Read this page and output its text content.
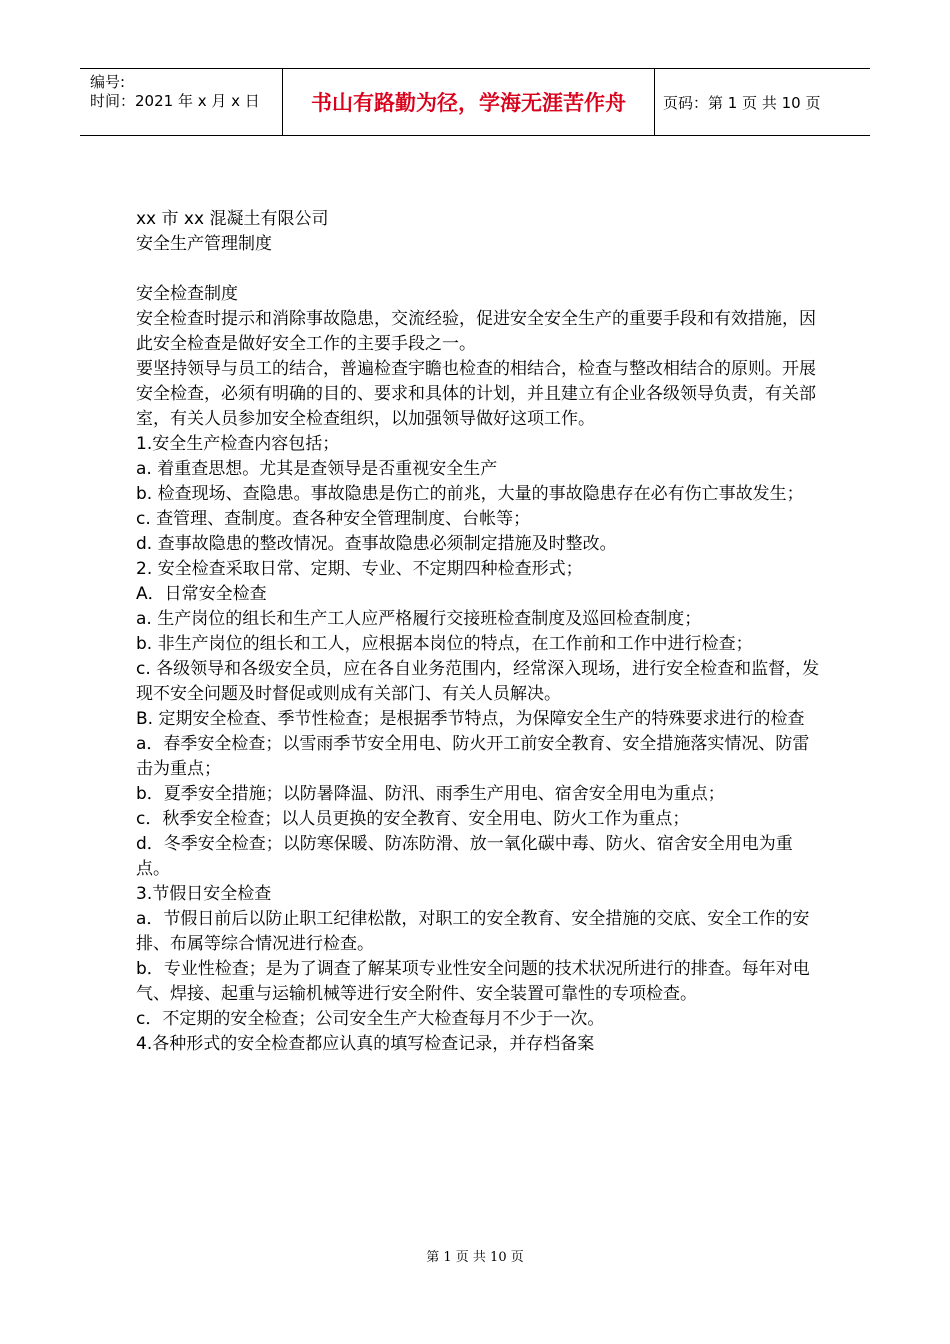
编号:
时间：2021 年 x 月 x 日	书山有路勤为径，学海无涯苦作舟	页码：第 1 页 共 10 页

xx 市 xx 混凝土有限公司

安全生产管理制度

安全检查制度

安全检查时提示和消除事故隐患，交流经验，促进安全安全生产的重要手段和有效措施，因此安全检查是做好安全工作的主要手段之一。

要坚持领导与员工的结合，普遍检查宇瞻也检查的相结合，检查与整改相结合的原则。开展安全检查，必须有明确的目的、要求和具体的计划，并且建立有企业各级领导负责，有关部室，有关人员参加安全检查组织，以加强领导做好这项工作。

1.安全生产检查内容包括；

a. 着重查思想。尤其是查领导是否重视安全生产

b. 检查现场、查隐患。事故隐患是伤亡的前兆，大量的事故隐患存在必有伤亡事故发生；

c. 查管理、查制度。查各种安全管理制度、台帐等；

d. 查事故隐患的整改情况。查事故隐患必须制定措施及时整改。

2. 安全检查采取日常、定期、专业、不定期四种检查形式；

A．日常安全检查

a. 生产岗位的组长和生产工人应严格履行交接班检查制度及巡回检查制度；

b. 非生产岗位的组长和工人，应根据本岗位的特点，在工作前和工作中进行检查；

c. 各级领导和各级安全员，应在各自业务范围内，经常深入现场，进行安全检查和监督，发现不安全问题及时督促或则成有关部门、有关人员解决。

B. 定期安全检查、季节性检查；是根据季节特点，为保障安全生产的特殊要求进行的检查

a．春季安全检查；以雪雨季节安全用电、防火开工前安全教育、安全措施落实情况、防雷击为重点；

b．夏季安全措施；以防暑降温、防汛、雨季生产用电、宿舍安全用电为重点；

c．秋季安全检查；以人员更换的安全教育、安全用电、防火工作为重点；

d．冬季安全检查；以防寒保暖、防冻防滑、放一氧化碳中毒、防火、宿舍安全用电为重点。

3.节假日安全检查

a．节假日前后以防止职工纪律松散，对职工的安全教育、安全措施的交底、安全工作的安排、布属等综合情况进行检查。

b．专业性检查；是为了调查了解某项专业性安全问题的技术状况所进行的排查。每年对电气、焊接、起重与运输机械等进行安全附件、安全装置可靠性的专项检查。

c．不定期的安全检查；公司安全生产大检查每月不少于一次。

4.各种形式的安全检查都应认真的填写检查记录，并存档备案

第 1 页 共 10 页
